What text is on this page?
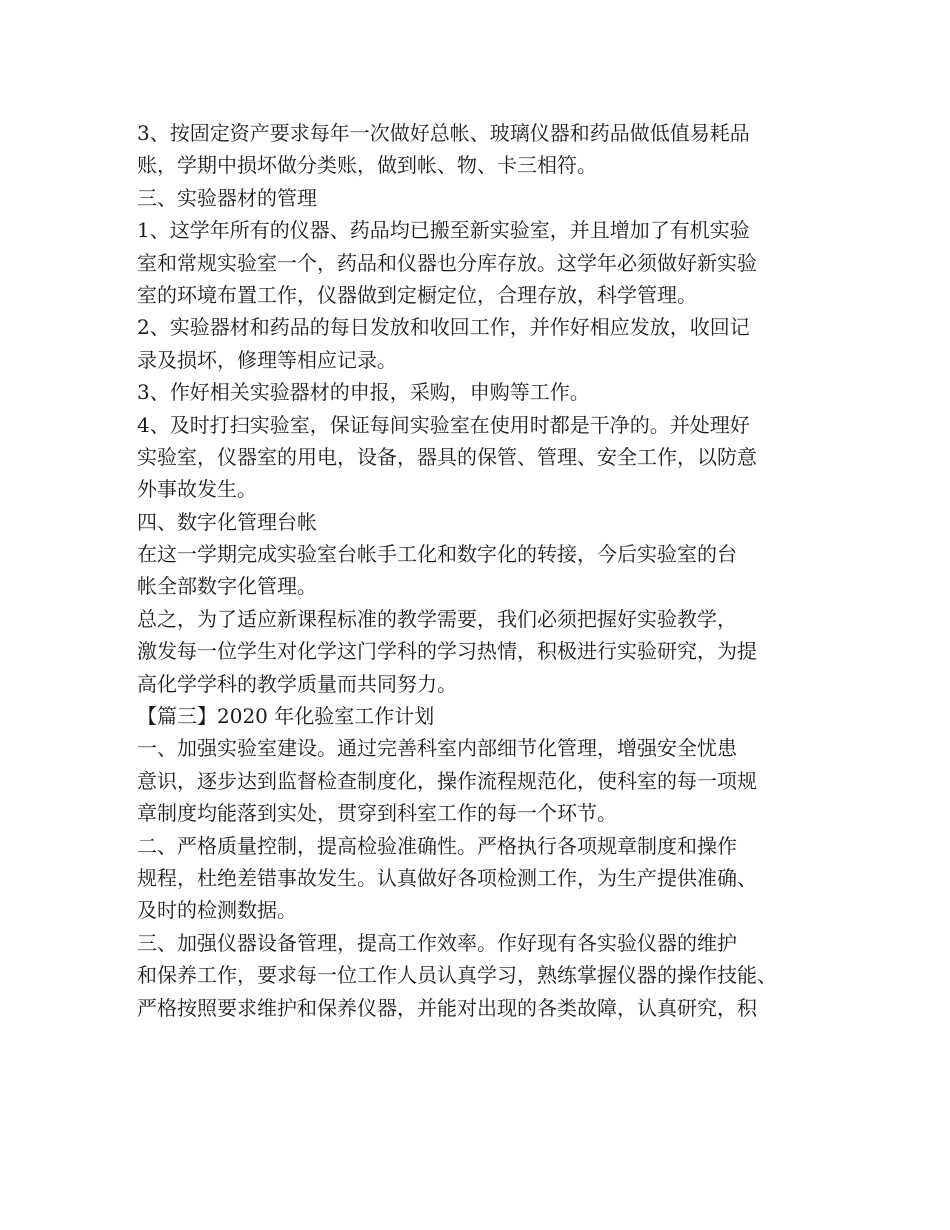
3、按固定资产要求每年一次做好总帐、玻璃仪器和药品做低值易耗品
账，学期中损坏做分类账，做到帐、物、卡三相符。
三、实验器材的管理
1、这学年所有的仪器、药品均已搬至新实验室，并且增加了有机实验
室和常规实验室一个，药品和仪器也分库存放。这学年必须做好新实验
室的环境布置工作，仪器做到定橱定位，合理存放，科学管理。
2、实验器材和药品的每日发放和收回工作，并作好相应发放，收回记
录及损坏，修理等相应记录。
3、作好相关实验器材的申报，采购，申购等工作。
4、及时打扫实验室，保证每间实验室在使用时都是干净的。并处理好
实验室，仪器室的用电，设备，器具的保管、管理、安全工作，以防意
外事故发生。
四、数字化管理台帐
在这一学期完成实验室台帐手工化和数字化的转接，今后实验室的台
帐全部数字化管理。
总之，为了适应新课程标准的教学需要，我们必须把握好实验教学，
激发每一位学生对化学这门学科的学习热情，积极进行实验研究，为提
高化学学科的教学质量而共同努力。
【篇三】2020 年化验室工作计划
一、加强实验室建设。通过完善科室内部细节化管理，增强安全忧患
意识，逐步达到监督检查制度化，操作流程规范化，使科室的每一项规
章制度均能落到实处，贯穿到科室工作的每一个环节。
二、严格质量控制，提高检验准确性。严格执行各项规章制度和操作
规程，杜绝差错事故发生。认真做好各项检测工作，为生产提供准确、
及时的检测数据。
三、加强仪器设备管理，提高工作效率。作好现有各实验仪器的维护
和保养工作，要求每一位工作人员认真学习，熟练掌握仪器的操作技能、
严格按照要求维护和保养仪器，并能对出现的各类故障，认真研究，积
